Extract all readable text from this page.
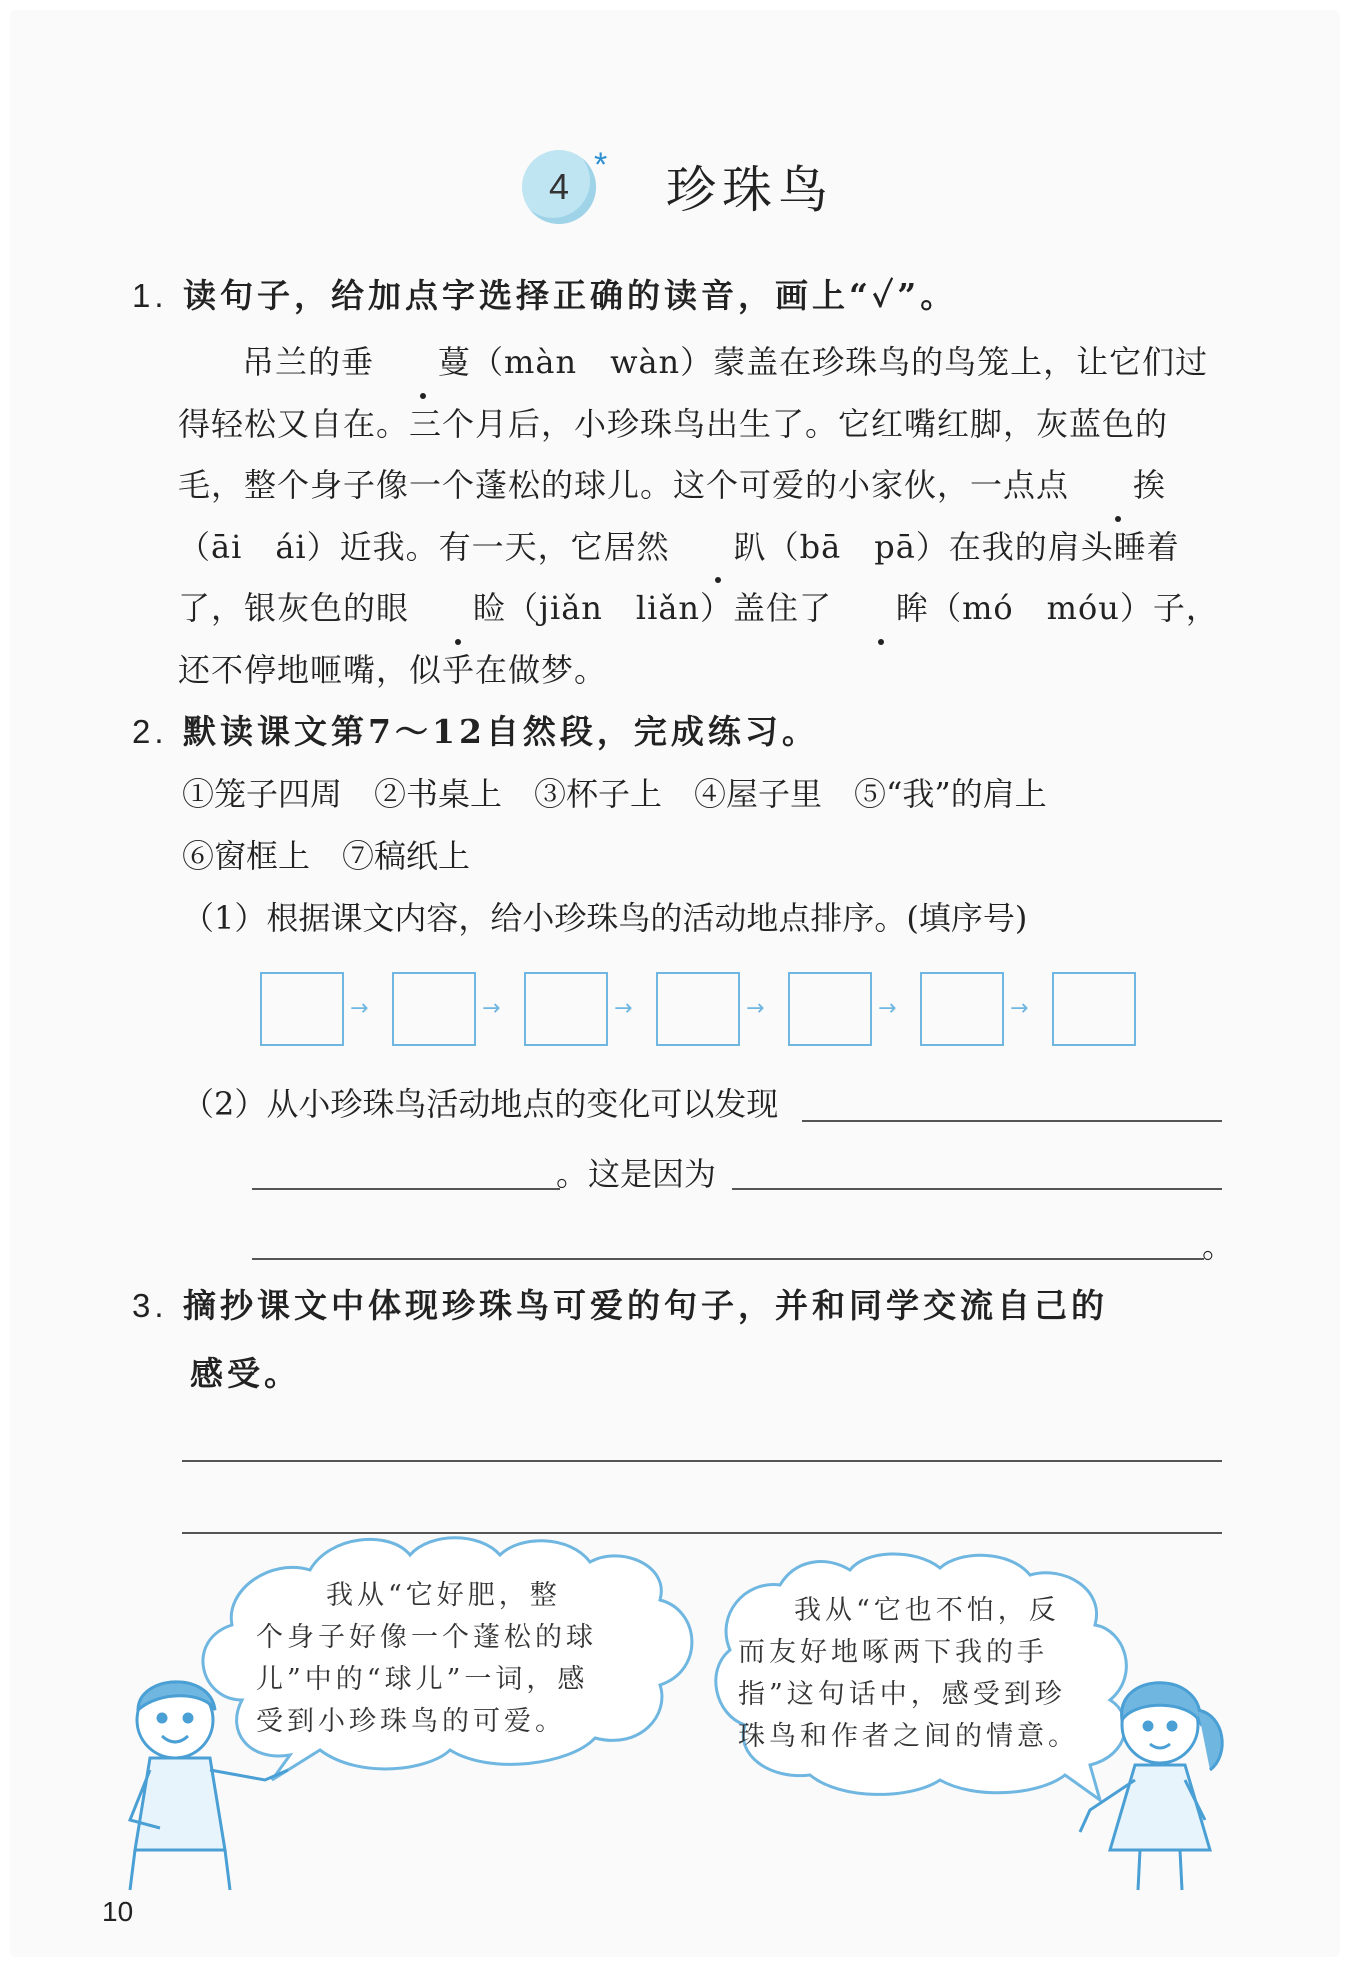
4
* 珍珠鸟
1. 读句子，给加点字选择正确的读音，画上“✓”。

吊兰的垂 蔓（màn　wàn）蒙盖在珍珠鸟的鸟笼上，让它们过得轻松又自在。三个月后，小珍珠鸟出生了。它红嘴红脚，灰蓝色的毛，整个身子像一个蓬松的球儿。这个可爱的小家伙，一点点 挨（āi　ái）近我。有一天，它居然 趴（bā　pā）在我的肩头睡着了，银灰色的眼 睑（jiǎn　liǎn）盖住了 眸（mó　móu）子，还不停地咂嘴，似乎在做梦。

2. 默读课文第7～12自然段，完成练习。
①笼子四周　②书桌上　③杯子上　④屋子里　⑤“我”的肩上
⑥窗框上　⑦稿纸上
（1）根据课文内容，给小珍珠鸟的活动地点排序。(填序号)
→	→	→	→	→	→
（2）从小珍珠鸟活动地点的变化可以发现
。这是因为
。
3. 摘抄课文中体现珍珠鸟可爱的句子，并和同学交流自己的
感受。
我从“它好肥，整
个身子好像一个蓬松的球
儿”中的“球儿”一词，感
受到小珍珠鸟的可爱。
我从“它也不怕，反
而友好地啄两下我的手
指”这句话中，感受到珍
珠鸟和作者之间的情意。
10
